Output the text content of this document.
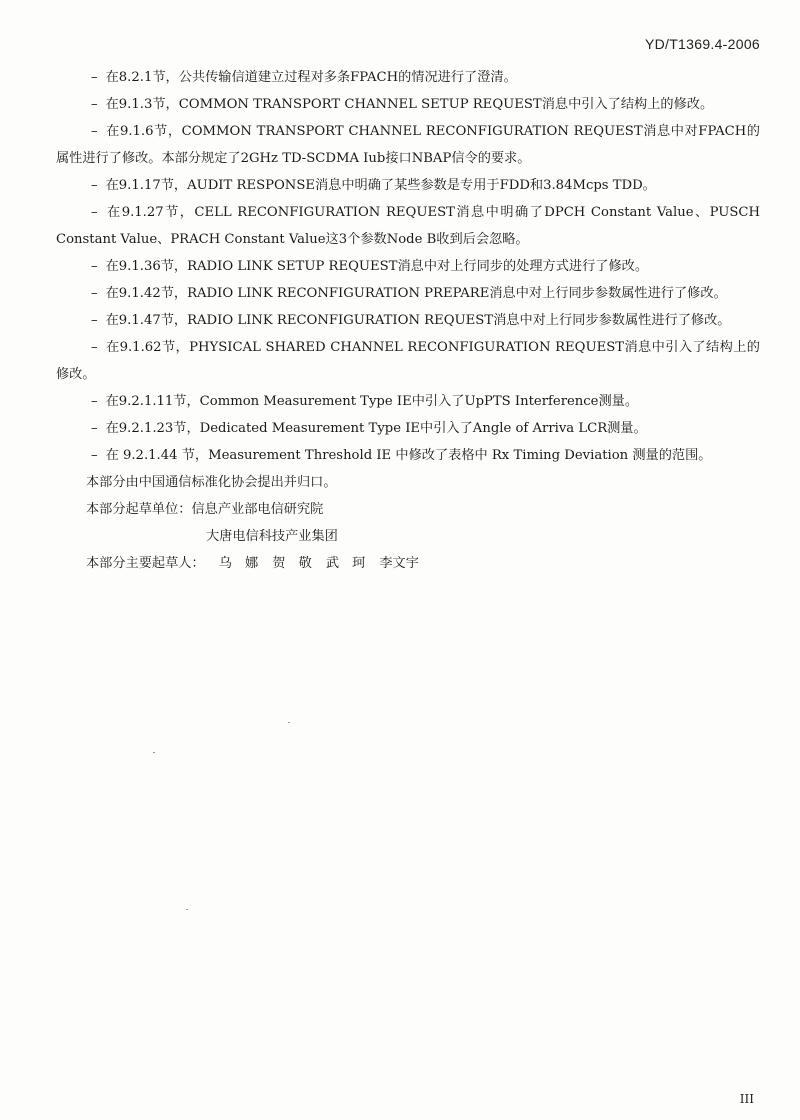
YD/T1369.4-2006

– 在8.2.1节，公共传输信道建立过程对多条FPACH的情况进行了澄清。

– 在9.1.3节，COMMON TRANSPORT CHANNEL SETUP REQUEST消息中引入了结构上的修改。

– 在9.1.6节，COMMON TRANSPORT CHANNEL RECONFIGURATION REQUEST消息中对FPACH的属性进行了修改。本部分规定了2GHz TD-SCDMA Iub接口NBAP信令的要求。

– 在9.1.17节，AUDIT RESPONSE消息中明确了某些参数是专用于FDD和3.84Mcps TDD。

– 在9.1.27节，CELL RECONFIGURATION REQUEST消息中明确了DPCH Constant Value、PUSCH Constant Value、PRACH Constant Value这3个参数Node B收到后会忽略。

– 在9.1.36节，RADIO LINK SETUP REQUEST消息中对上行同步的处理方式进行了修改。

– 在9.1.42节，RADIO LINK RECONFIGURATION PREPARE消息中对上行同步参数属性进行了修改。

– 在9.1.47节，RADIO LINK RECONFIGURATION REQUEST消息中对上行同步参数属性进行了修改。

– 在9.1.62节，PHYSICAL SHARED CHANNEL RECONFIGURATION REQUEST消息中引入了结构上的修改。

– 在9.2.1.11节，Common Measurement Type IE中引入了UpPTS Interference测量。

– 在9.2.1.23节，Dedicated Measurement Type IE中引入了Angle of Arriva LCR测量。

– 在 9.2.1.44 节，Measurement Threshold IE 中修改了表格中 Rx Timing Deviation 测量的范围。

本部分由中国通信标准化协会提出并归口。

本部分起草单位：信息产业部电信研究院
大唐电信科技产业集团

本部分主要起草人： 乌　娜 贺　敬 武　珂 李文宇

III
